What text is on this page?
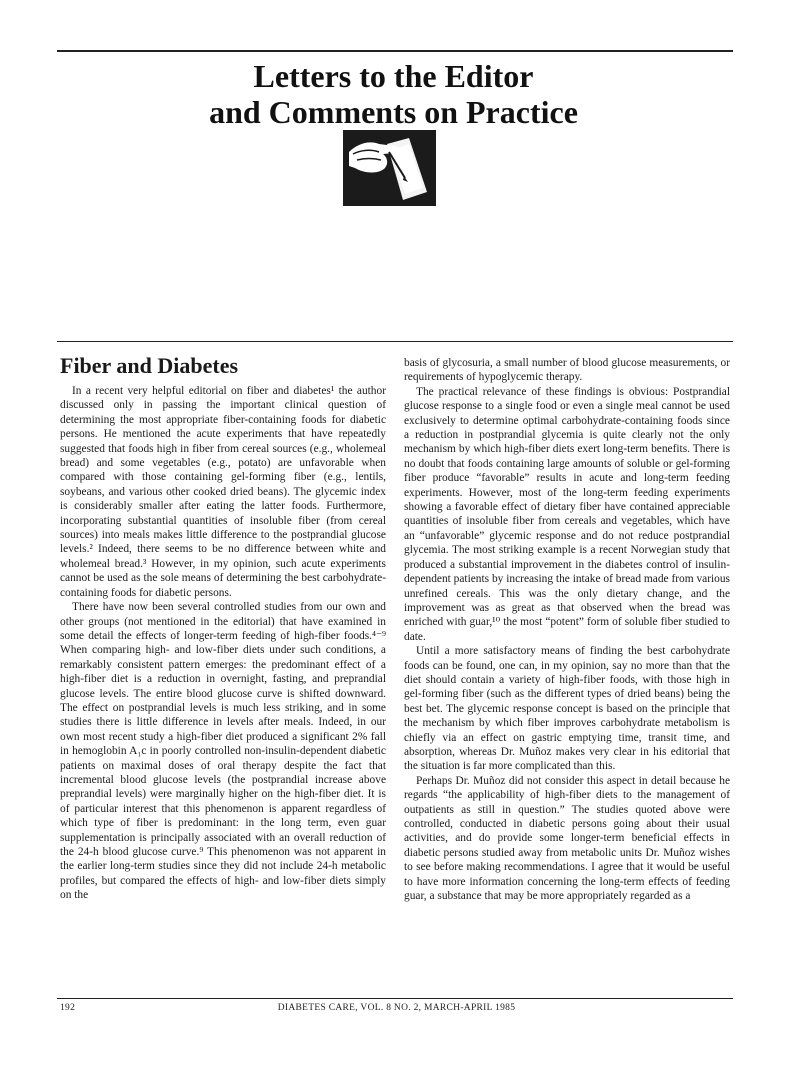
Letters to the Editor
and Comments on Practice
Fiber and Diabetes

In a recent very helpful editorial on fiber and diabetes¹ the author discussed only in passing the important clinical question of determining the most appropriate fiber-containing foods for diabetic persons. He mentioned the acute experiments that have repeatedly suggested that foods high in fiber from cereal sources (e.g., wholemeal bread) and some vegetables (e.g., potato) are unfavorable when compared with those containing gel-forming fiber (e.g., lentils, soybeans, and various other cooked dried beans). The glycemic index is considerably smaller after eating the latter foods. Furthermore, incorporating substantial quantities of insoluble fiber (from cereal sources) into meals makes little difference to the postprandial glucose levels.² Indeed, there seems to be no difference between white and wholemeal bread.³ However, in my opinion, such acute experiments cannot be used as the sole means of determining the best carbohydrate-containing foods for diabetic persons.

There have now been several controlled studies from our own and other groups (not mentioned in the editorial) that have examined in some detail the effects of longer-term feeding of high-fiber foods.⁴⁻⁹ When comparing high- and low-fiber diets under such conditions, a remarkably consistent pattern emerges: the predominant effect of a high-fiber diet is a reduction in overnight, fasting, and preprandial glucose levels. The entire blood glucose curve is shifted downward. The effect on postprandial levels is much less striking, and in some studies there is little difference in levels after meals. Indeed, in our own most recent study a high-fiber diet produced a significant 2% fall in hemoglobin A₁c in poorly controlled non-insulin-dependent diabetic patients on maximal doses of oral therapy despite the fact that incremental blood glucose levels (the postprandial increase above preprandial levels) were marginally higher on the high-fiber diet. It is of particular interest that this phenomenon is apparent regardless of which type of fiber is predominant: in the long term, even guar supplementation is principally associated with an overall reduction of the 24-h blood glucose curve.⁹ This phenomenon was not apparent in the earlier long-term studies since they did not include 24-h metabolic profiles, but compared the effects of high- and low-fiber diets simply on the

basis of glycosuria, a small number of blood glucose measurements, or requirements of hypoglycemic therapy.

The practical relevance of these findings is obvious: Postprandial glucose response to a single food or even a single meal cannot be used exclusively to determine optimal carbohydrate-containing foods since a reduction in postprandial glycemia is quite clearly not the only mechanism by which high-fiber diets exert long-term benefits. There is no doubt that foods containing large amounts of soluble or gel-forming fiber produce “favorable” results in acute and long-term feeding experiments. However, most of the long-term feeding experiments showing a favorable effect of dietary fiber have contained appreciable quantities of insoluble fiber from cereals and vegetables, which have an “unfavorable” glycemic response and do not reduce postprandial glycemia. The most striking example is a recent Norwegian study that produced a substantial improvement in the diabetes control of insulin-dependent patients by increasing the intake of bread made from various unrefined cereals. This was the only dietary change, and the improvement was as great as that observed when the bread was enriched with guar,¹⁰ the most “potent” form of soluble fiber studied to date.

Until a more satisfactory means of finding the best carbohydrate foods can be found, one can, in my opinion, say no more than that the diet should contain a variety of high-fiber foods, with those high in gel-forming fiber (such as the different types of dried beans) being the best bet. The glycemic response concept is based on the principle that the mechanism by which fiber improves carbohydrate metabolism is chiefly via an effect on gastric emptying time, transit time, and absorption, whereas Dr. Muñoz makes very clear in his editorial that the situation is far more complicated than this.

Perhaps Dr. Muñoz did not consider this aspect in detail because he regards “the applicability of high-fiber diets to the management of outpatients as still in question.” The studies quoted above were controlled, conducted in diabetic persons going about their usual activities, and do provide some longer-term beneficial effects in diabetic persons studied away from metabolic units Dr. Muñoz wishes to see before making recommendations. I agree that it would be useful to have more information concerning the long-term effects of feeding guar, a substance that may be more appropriately regarded as a

192	DIABETES CARE, VOL. 8 NO. 2, MARCH-APRIL 1985
